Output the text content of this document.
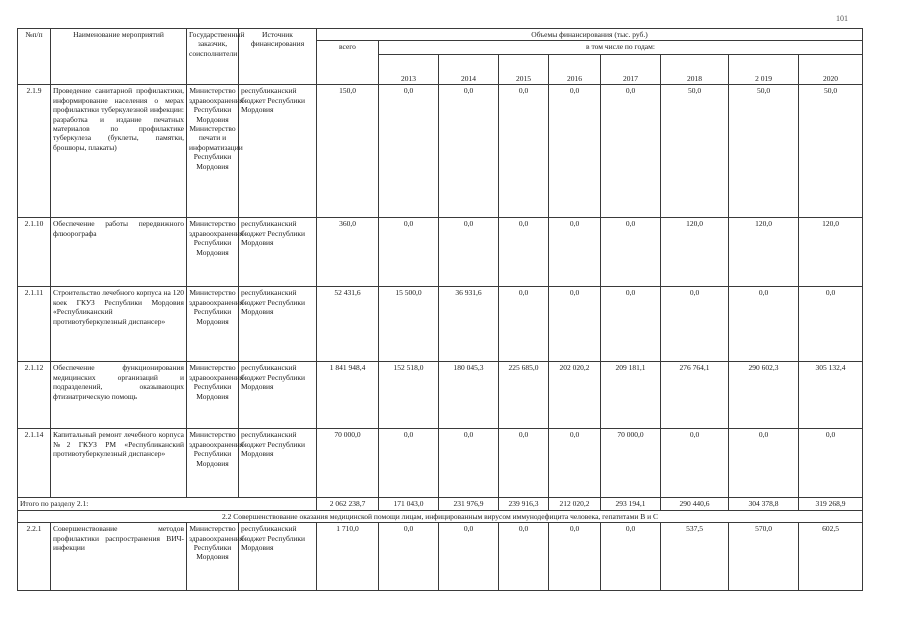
101
№п/п	Наименование мероприятий	Государственный заказчик, соисполнители	Источник финансирования	Объемы финансирования (тыс. руб.)								
				всего	в том числе по годам:							
					2013	2014	2015	2016	2017	2018	2 019	2020
2.1.9	Проведение санитарной профилактики, информирование населения о мерах профилактики туберкулезной инфекции: разработка и издание печатных материалов по профилактике туберкулеза (буклеты, памятки, брошюры, плакаты)	Министерство здравоохранения Республики Мордовия Министерство печати и информатизации Республики Мордовия	республиканский бюджет Республики Мордовия	150,0	0,0	0,0	0,0	0,0	0,0	50,0	50,0	50,0
2.1.10	Обеспечение работы передвижного флюорографа	Министерство здравоохранения Республики Мордовия	республиканский бюджет Республики Мордовия	360,0	0,0	0,0	0,0	0,0	0,0	120,0	120,0	120,0
2.1.11	Строительство лечебного корпуса на 120 коек ГКУЗ Республики Мордовия «Республиканский противотуберкулезный диспансер»	Министерство здравоохранения Республики Мордовия	республиканский бюджет Республики Мордовия	52 431,6	15 500,0	36 931,6	0,0	0,0	0,0	0,0	0,0	0,0
2.1.12	Обеспечение функционирования медицинских организаций и подразделений, оказывающих фтизиатрическую помощь	Министерство здравоохранения Республики Мордовия	республиканский бюджет Республики Мордовия	1 841 948,4	152 518,0	180 045,3	225 685,0	202 020,2	209 181,1	276 764,1	290 602,3	305 132,4
2.1.14	Капитальный ремонт лечебного корпуса №2 ГКУЗ РМ «Республиканский противотуберкулезный диспансер»	Министерство здравоохранения Республики Мордовия	республиканский бюджет Республики Мордовия	70 000,0	0,0	0,0	0,0	0,0	70 000,0	0,0	0,0	0,0
Итого по разделу 2.1:				2 062 238,7	171 043,0	231 976,9	239 916,3	212 020,2	293 194,1	290 440,6	304 378,8	319 268,9
2.2 Совершенствование оказания медицинской помощи лицам, инфицированным вирусом иммунодефицита человека, гепатитами В и С												
2.2.1	Совершенствование методов профилактики распространения ВИЧ-инфекции	Министерство здравоохранения Республики Мордовия	республиканский бюджет Республики Мордовия	1 710,0	0,0	0,0	0,0	0,0	0,0	537,5	570,0	602,5
